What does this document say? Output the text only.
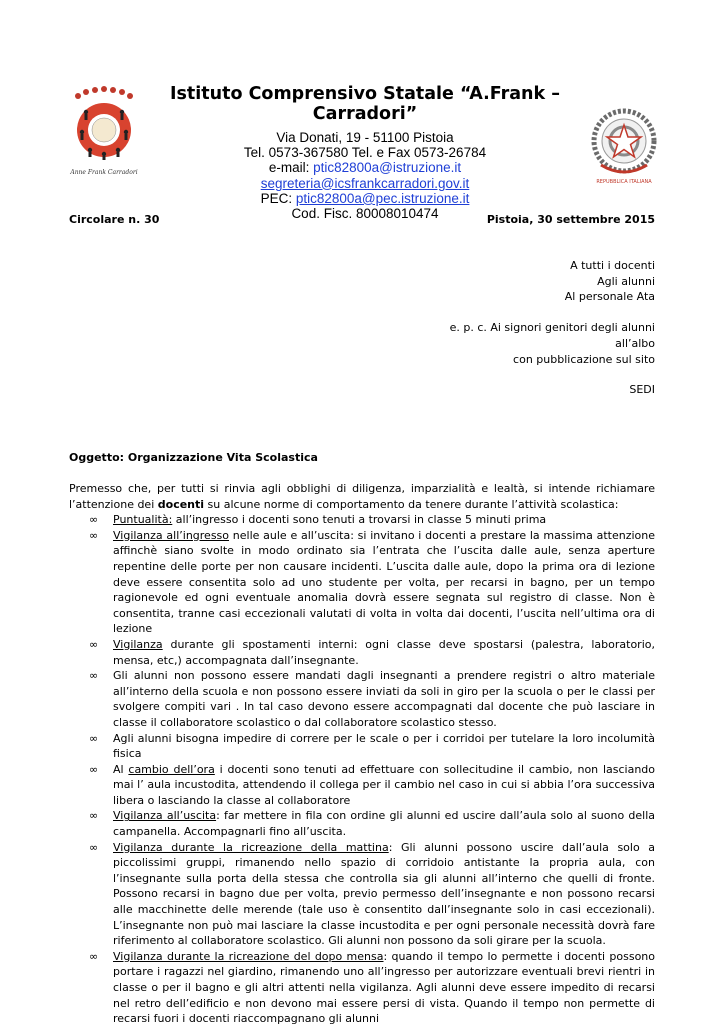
Anne Frank Carradori

Istituto Comprensivo Statale “A.Frank – Carradori”

Via Donati, 19 - 51100 Pistoia

Tel. 0573-367580 Tel. e Fax 0573-26784

e-mail: ptic82800a@istruzione.it

segreteria@icsfrankcarradori.gov.it

PEC: ptic82800a@pec.istruzione.it

Cod. Fisc. 80008010474

REPUBBLICA ITALIANA
Circolare n. 30	Pistoia, 30 settembre 2015
A tutti i docenti
Agli alunni
Al personale Ata
e. p. c. Ai signori genitori degli alunni
all’albo
con pubblicazione sul sito
SEDI
Oggetto: Organizzazione Vita Scolastica

Premesso che, per tutti si rinvia agli obblighi di diligenza, imparzialità e lealtà, si intende richiamare l’attenzione dei docenti su alcune norme di comportamento da tenere durante l’attività scolastica:

∞ Puntualità: all’ingresso i docenti sono tenuti a trovarsi in classe 5 minuti prima
∞ Vigilanza all’ingresso nelle aule e all’uscita: si invitano i docenti a prestare la massima attenzione affinchè siano svolte in modo ordinato sia l’entrata che l’uscita dalle aule, senza aperture repentine delle porte per non causare incidenti. L’uscita dalle aule, dopo la prima ora di lezione deve essere consentita solo ad uno studente per volta, per recarsi in bagno, per un tempo ragionevole ed ogni eventuale anomalia dovrà essere segnata sul registro di classe. Non è consentita, tranne casi eccezionali valutati di volta in volta dai docenti, l’uscita nell’ultima ora di lezione
∞ Vigilanza durante gli spostamenti interni: ogni classe deve spostarsi (palestra, laboratorio, mensa, etc,) accompagnata dall’insegnante.
∞ Gli alunni non possono essere mandati dagli insegnanti a prendere registri o altro materiale all’interno della scuola e non possono essere inviati da soli in giro per la scuola o per le classi per svolgere compiti vari . In tal caso devono essere accompagnati dal docente che può lasciare in classe il collaboratore scolastico o dal collaboratore scolastico stesso.
∞ Agli alunni bisogna impedire di correre per le scale o per i corridoi per tutelare la loro incolumità fisica
∞ Al cambio dell’ora i docenti sono tenuti ad effettuare con sollecitudine il cambio, non lasciando mai l’ aula incustodita, attendendo il collega per il cambio nel caso in cui si abbia l’ora successiva libera o lasciando la classe al collaboratore
∞ Vigilanza all’uscita: far mettere in fila con ordine gli alunni ed uscire dall’aula solo al suono della campanella. Accompagnarli fino all’uscita.
∞ Vigilanza durante la ricreazione della mattina: Gli alunni possono uscire dall’aula solo a piccolissimi gruppi, rimanendo nello spazio di corridoio antistante la propria aula, con l’insegnante sulla porta della stessa che controlla sia gli alunni all’interno che quelli di fronte. Possono recarsi in bagno due per volta, previo permesso dell’insegnante e non possono recarsi alle macchinette delle merende (tale uso è consentito dall’insegnante solo in casi eccezionali). L’insegnante non può mai lasciare la classe incustodita e per ogni personale necessità dovrà fare riferimento al collaboratore scolastico. Gli alunni non possono da soli girare per la scuola.
∞ Vigilanza durante la ricreazione del dopo mensa: quando il tempo lo permette i docenti possono portare i ragazzi nel giardino, rimanendo uno all’ingresso per autorizzare eventuali brevi rientri in classe o per il bagno e gli altri attenti nella vigilanza. Agli alunni deve essere impedito di recarsi nel retro dell’edificio e non devono mai essere persi di vista. Quando il tempo non permette di recarsi fuori i docenti riaccompagnano gli alunni
